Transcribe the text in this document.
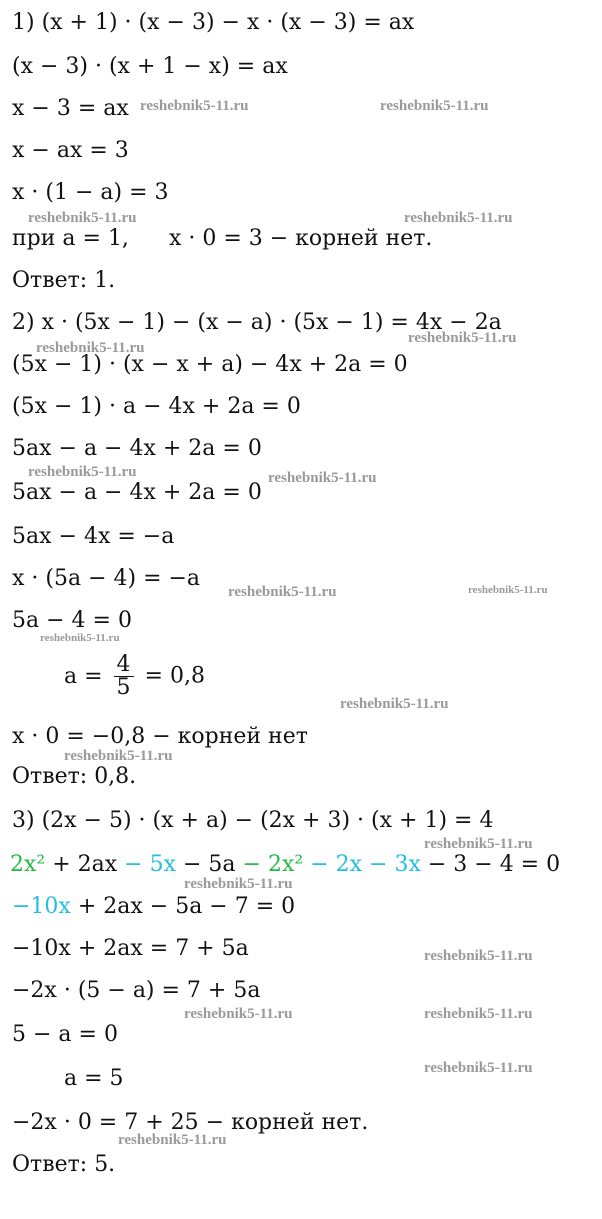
1) (x + 1) · (x − 3) − x · (x − 3) = ax
(x − 3) · (x + 1 − x) = ax
x − 3 = ax
x − ax = 3
x · (1 − a) = 3
при a = 1, x · 0 = 3 − корней нет.
Ответ: 1.
2) x · (5x − 1) − (x − a) · (5x − 1) = 4x − 2a
(5x − 1) · (x − x + a) − 4x + 2a = 0
(5x − 1) · a − 4x + 2a = 0
5ax − a − 4x + 2a = 0
5ax − a − 4x + 2a = 0
5ax − 4x = −a
x · (5a − 4) = −a
5a − 4 = 0
$a = \frac{4}{5} = 0,8$
x · 0 = −0,8 − корней нет
Ответ: 0,8.
3) (2x − 5) · (x + a) − (2x + 3) · (x + 1) = 4
2x² + 2ax − 5x − 5a − 2x² − 2x − 3x − 3 − 4 = 0
−10x + 2ax − 5a − 7 = 0
−10x + 2ax = 7 + 5a
−2x · (5 − a) = 7 + 5a
5 − a = 0
a = 5
−2x · 0 = 7 + 25 − корней нет.
Ответ: 5.
reshebnik5-11.ru	reshebnik5-11.ru
reshebnik5-11.ru	reshebnik5-11.ru
reshebnik5-11.ru
reshebnik5-11.ru
reshebnik5-11.ru	reshebnik5-11.ru
reshebnik5-11.ru	reshebnik5-11.ru
reshebnik5-11.ru
reshebnik5-11.ru
reshebnik5-11.ru
reshebnik5-11.ru
reshebnik5-11.ru
reshebnik5-11.ru
reshebnik5-11.ru	reshebnik5-11.ru
reshebnik5-11.ru
reshebnik5-11.ru
